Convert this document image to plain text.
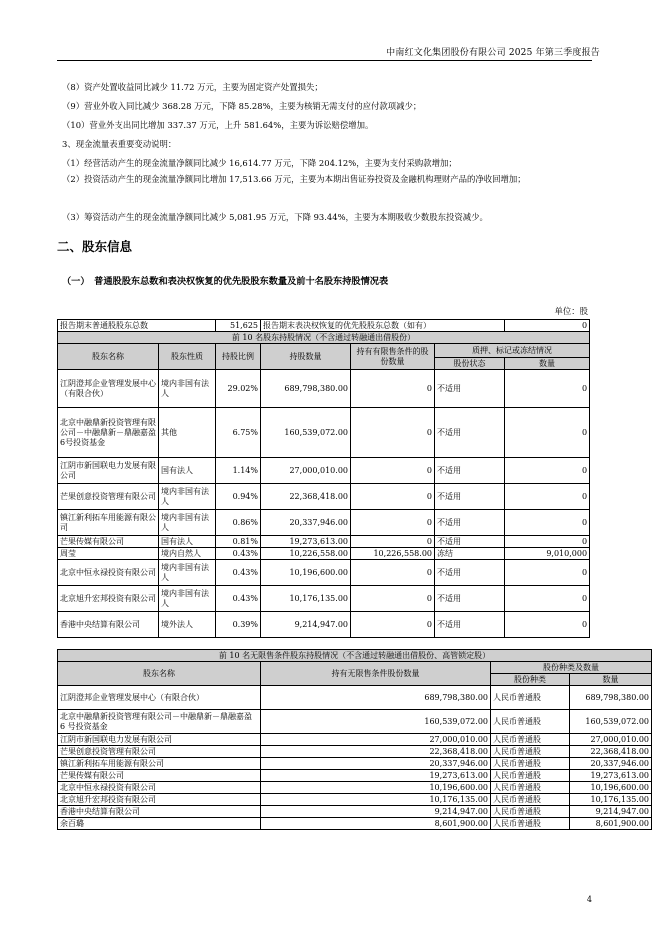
中南红文化集团股份有限公司 2025 年第三季度报告
（8）资产处置收益同比减少 11.72 万元，主要为固定资产处置损失；
（9）营业外收入同比减少 368.28 万元，下降 85.28%，主要为核销无需支付的应付款项减少；
（10）营业外支出同比增加 337.37 万元，上升 581.64%，主要为诉讼赔偿增加。
3、现金流量表重要变动说明：
（1）经营活动产生的现金流量净额同比减少 16,614.77 万元，下降 204.12%，主要为支付采购款增加；
（2）投资活动产生的现金流量净额同比增加 17,513.66 万元，主要为本期出售证券投资及金融机构理财产品的净收回增加；
（3）筹资活动产生的现金流量净额同比减少 5,081.95 万元，下降 93.44%，主要为本期吸收少数股东投资减少。
二、股东信息
（一）　普通股股东总数和表决权恢复的优先股股东数量及前十名股东持股情况表
单位：股
报告期末普通股股东总数		51,625	报告期末表决权恢复的优先股股东总数（如有）			0
前 10 名股东持股情况（不含通过转融通出借股份）						
股东名称	股东性质	持股比例	持股数量	持有有限售条件的股份数量	质押、标记或冻结情况	
					股份状态	数量
江阴澄邦企业管理发展中心（有限合伙）	境内非国有法人	29.02%	689,798,380.00	0	不适用	0
北京中融鼎新投资管理有限公司－中融鼎新－鼎融嘉盈6号投资基金	其他	6.75%	160,539,072.00	0	不适用	0
江阴市新国联电力发展有限公司	国有法人	1.14%	27,000,010.00	0	不适用	0
芒果创意投资管理有限公司	境内非国有法人	0.94%	22,368,418.00	0	不适用	0
镇江新利拓车用能源有限公司	境内非国有法人	0.86%	20,337,946.00	0	不适用	0
芒果传媒有限公司	国有法人	0.81%	19,273,613.00	0	不适用	0
周莹	境内自然人	0.43%	10,226,558.00	10,226,558.00	冻结	9,010,000
北京中恒永禄投资有限公司	境内非国有法人	0.43%	10,196,600.00	0	不适用	0
北京旭升宏邦投资有限公司	境内非国有法人	0.43%	10,176,135.00	0	不适用	0
香港中央结算有限公司	境外法人	0.39%	9,214,947.00	0	不适用	0
前 10 名无限售条件股东持股情况（不含通过转融通出借股份、高管锁定股）			
股东名称	持有无限售条件股份数量	股份种类及数量	
		股份种类	数量
江阴澄邦企业管理发展中心（有限合伙）	689,798,380.00	人民币普通股	689,798,380.00
北京中融鼎新投资管理有限公司－中融鼎新－鼎融嘉盈 6 号投资基金	160,539,072.00	人民币普通股	160,539,072.00
江阴市新国联电力发展有限公司	27,000,010.00	人民币普通股	27,000,010.00
芒果创意投资管理有限公司	22,368,418.00	人民币普通股	22,368,418.00
镇江新利拓车用能源有限公司	20,337,946.00	人民币普通股	20,337,946.00
芒果传媒有限公司	19,273,613.00	人民币普通股	19,273,613.00
北京中恒永禄投资有限公司	10,196,600.00	人民币普通股	10,196,600.00
北京旭升宏邦投资有限公司	10,176,135.00	人民币普通股	10,176,135.00
香港中央结算有限公司	9,214,947.00	人民币普通股	9,214,947.00
余百璐	8,601,900.00	人民币普通股	8,601,900.00
4
